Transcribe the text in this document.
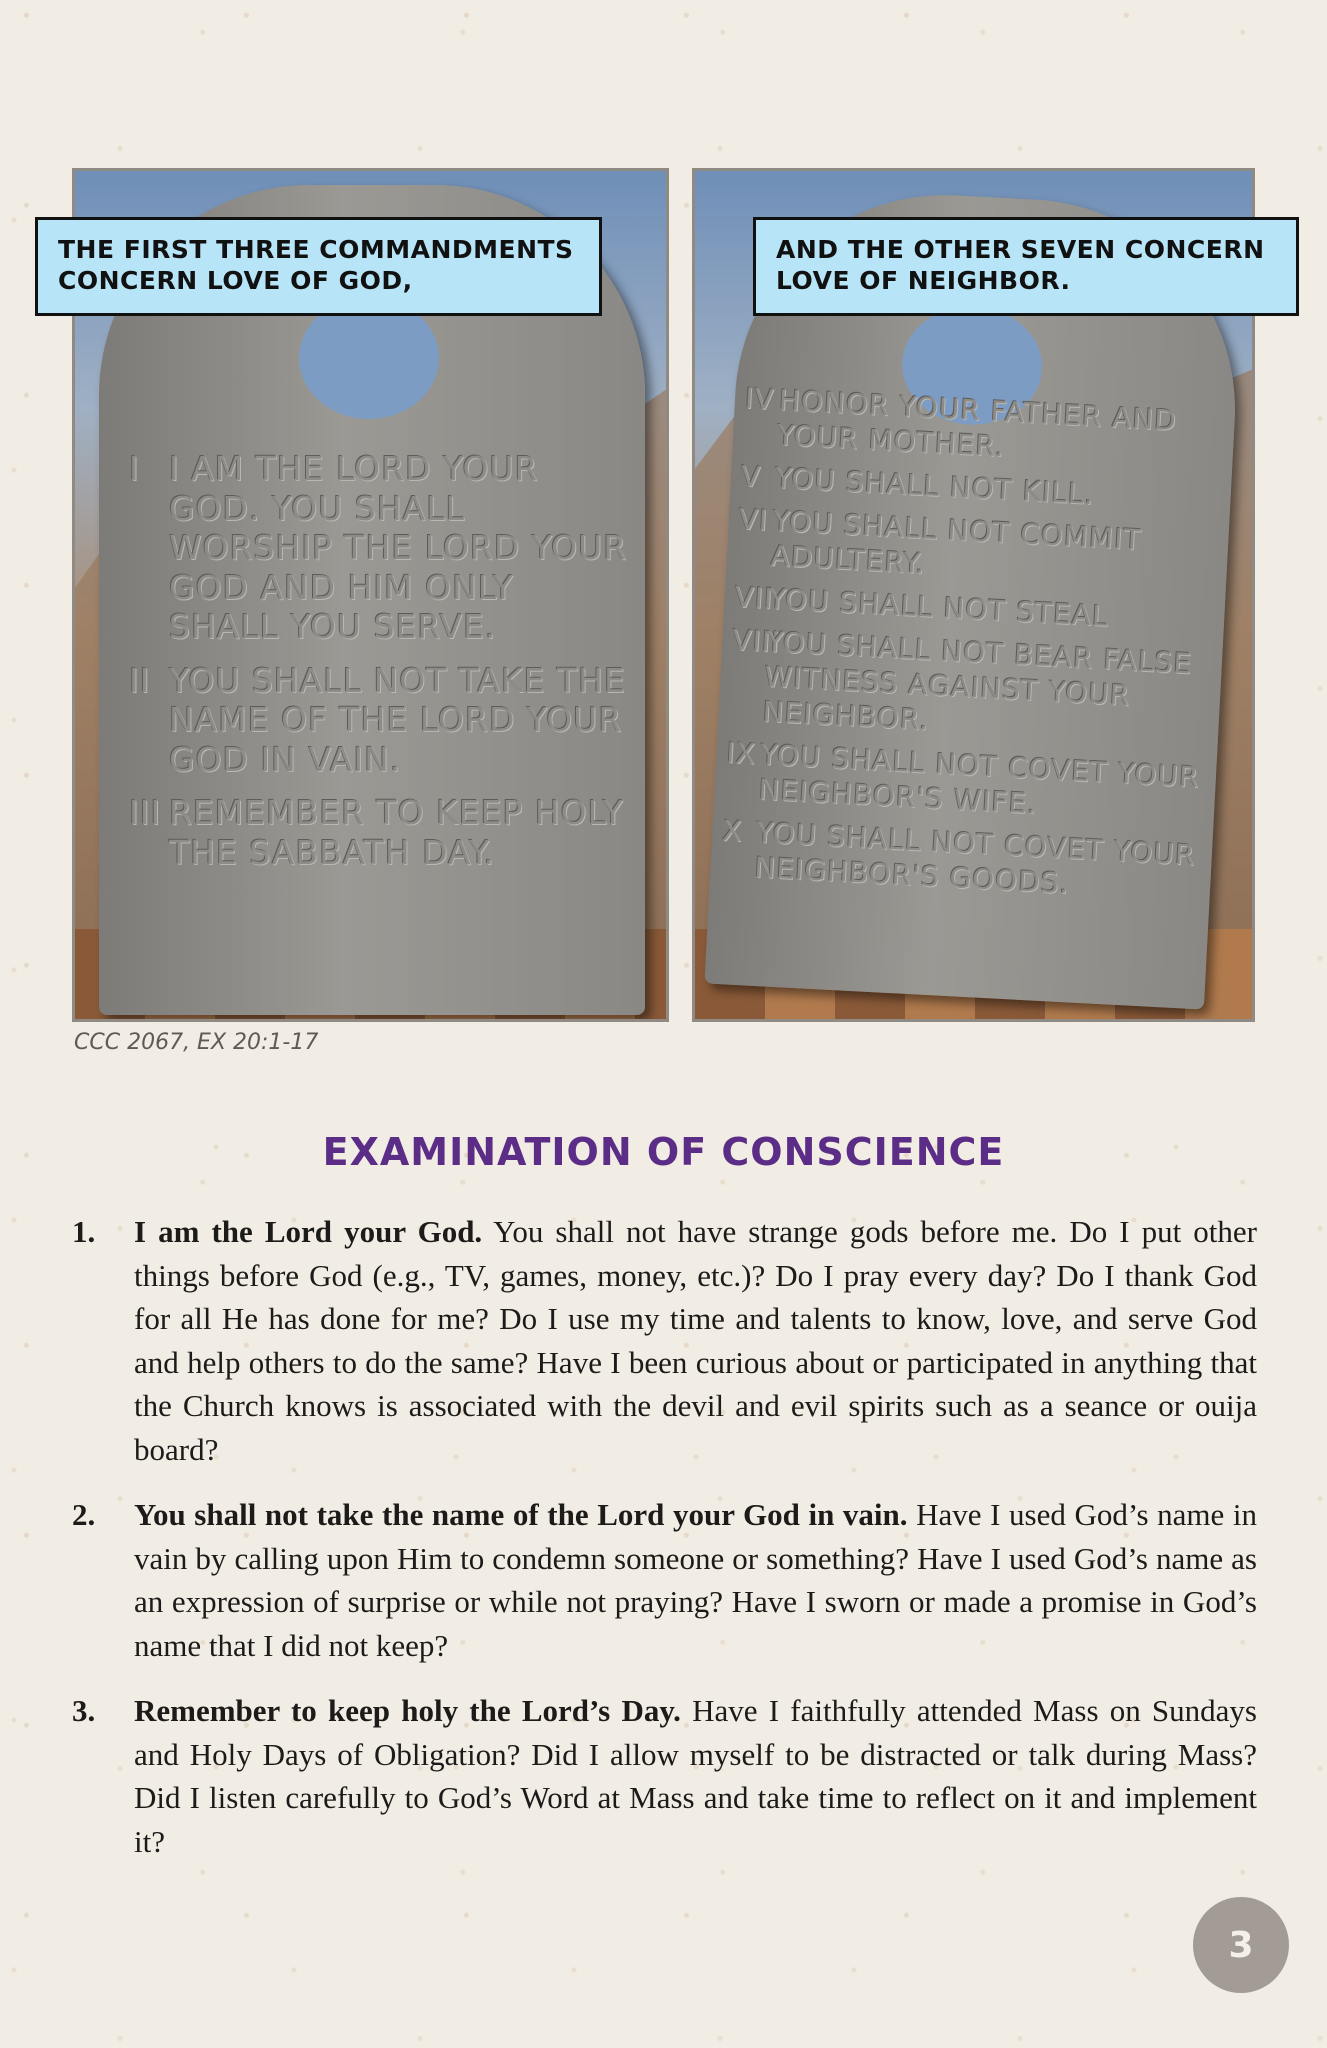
I I AM THE LORD YOUR GOD. YOU SHALL WORSHIP THE LORD YOUR GOD AND HIM ONLY SHALL YOU SERVE.
II YOU SHALL NOT TAKE THE NAME OF THE LORD YOUR GOD IN VAIN.
III REMEMBER TO KEEP HOLY THE SABBATH DAY.
IV HONOR YOUR FATHER AND YOUR MOTHER.
V YOU SHALL NOT KILL.
VI YOU SHALL NOT COMMIT ADULTERY.
VII
YOU SHALL NOT STEAL
VIII
YOU SHALL NOT BEAR FALSE WITNESS AGAINST YOUR NEIGHBOR.
IX YOU SHALL NOT COVET YOUR NEIGHBOR'S WIFE.
X YOU SHALL NOT COVET YOUR NEIGHBOR'S GOODS.
THE FIRST THREE COMMANDMENTS CONCERN LOVE OF GOD,
AND THE OTHER SEVEN CONCERN LOVE OF NEIGHBOR.
CCC 2067, EX 20:1-17
EXAMINATION OF CONSCIENCE
1.	I am the Lord your God. You shall not have strange gods before me. Do I put other things before God (e.g., TV, games, money, etc.)? Do I pray every day? Do I thank God for all He has done for me? Do I use my time and talents to know, love, and serve God and help others to do the same? Have I been curious about or participated in anything that the Church knows is associated with the devil and evil spirits such as a seance or ouija board?
2.	You shall not take the name of the Lord your God in vain. Have I used God’s name in vain by calling upon Him to condemn someone or something? Have I used God’s name as an expression of surprise or while not praying? Have I sworn or made a promise in God’s name that I did not keep?
3.	Remember to keep holy the Lord’s Day. Have I faithfully attended Mass on Sundays and Holy Days of Obligation? Did I allow myself to be distracted or talk during Mass? Did I listen carefully to God’s Word at Mass and take time to reflect on it and implement it?
3
